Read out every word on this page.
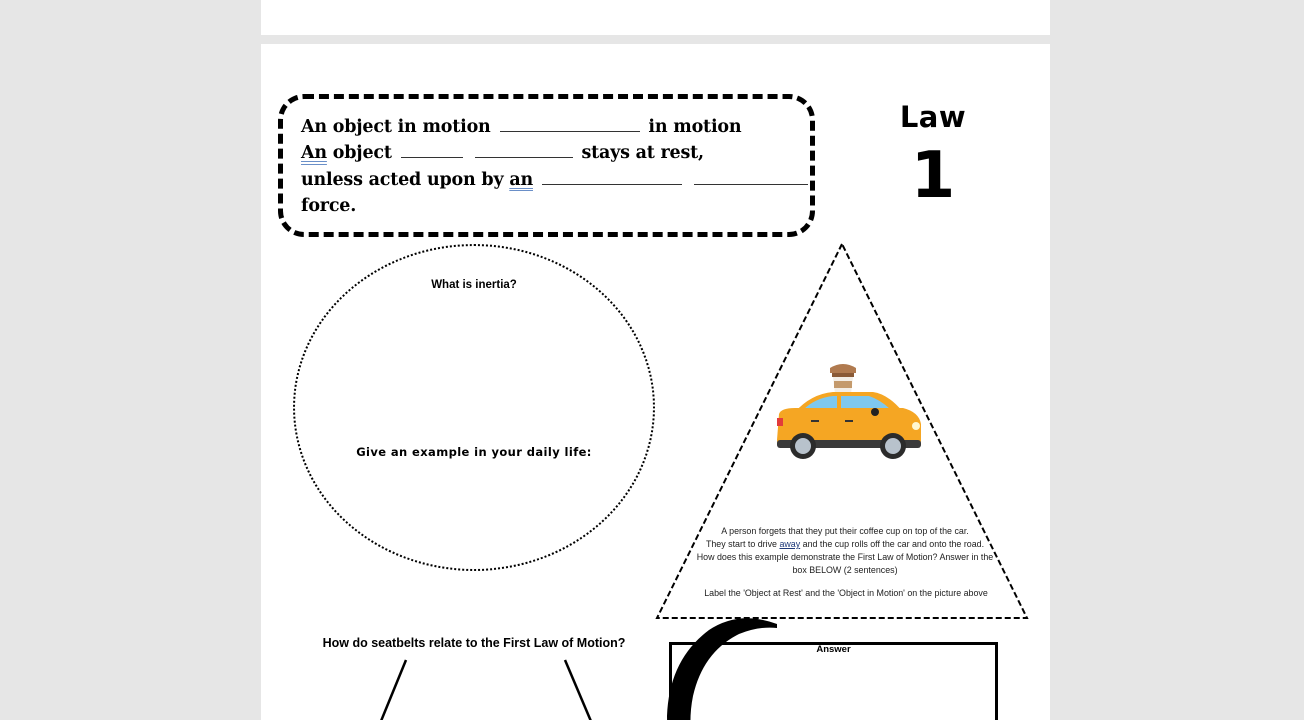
An object in motion	in motion
An object	stays at rest,
unless acted upon by an
force.
Law
1
What is inertia?
Give an example in your daily life:
A person forgets that they put their coffee cup on top of the car.
They start to drive away and the cup rolls off the car and onto the road.
How does this example demonstrate the First Law of Motion? Answer in the box BELOW (2 sentences)
Label the 'Object at Rest' and the 'Object in Motion' on the picture above
How do seatbelts relate to the First Law of Motion?	Answer
